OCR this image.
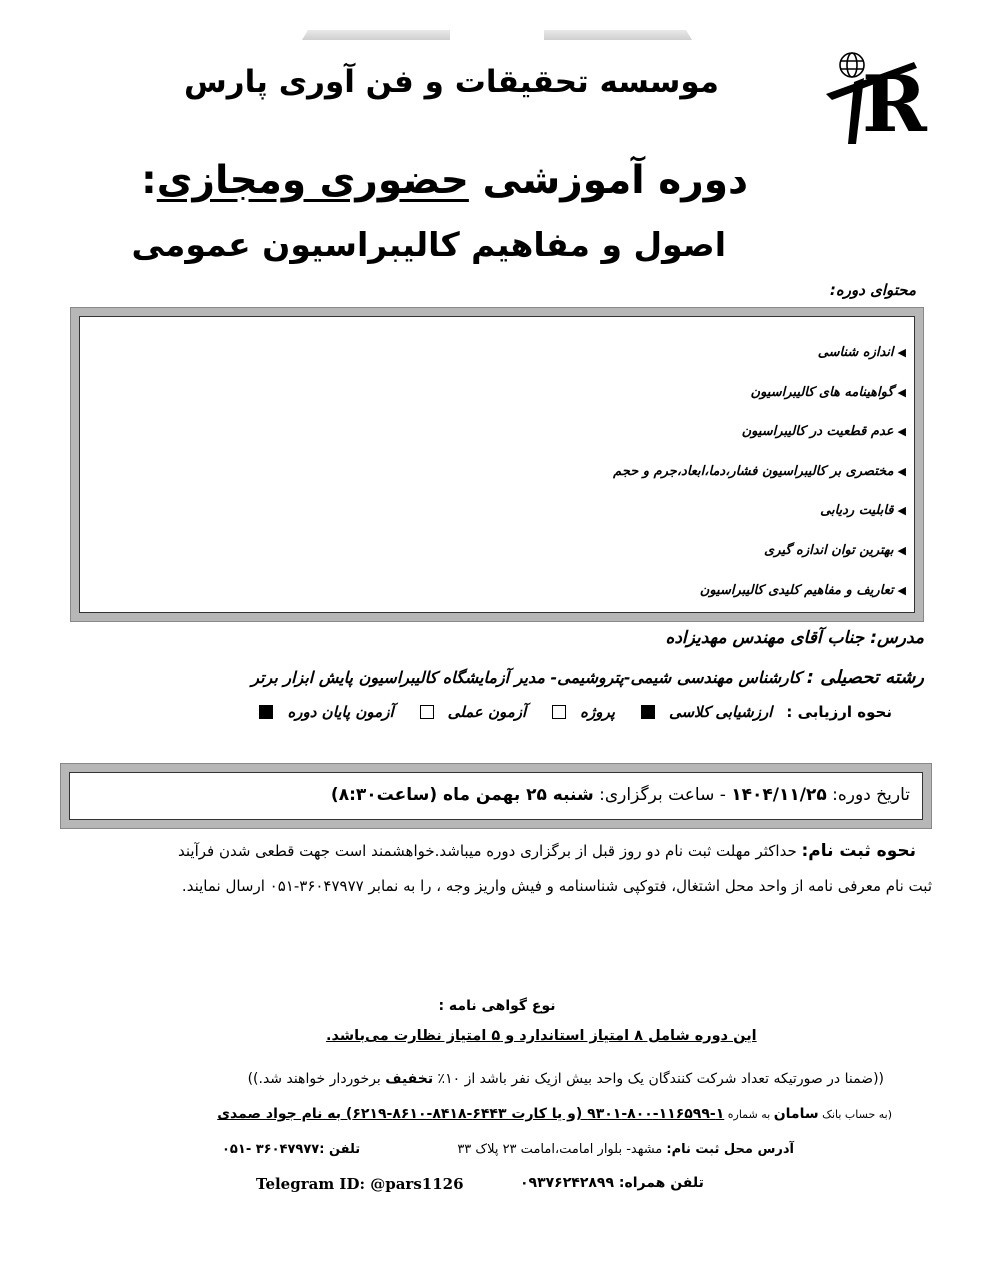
R
موسسه تحقیقات و فن آوری پارس
دوره آموزشی حضوری ومجازی:
اصول و مفاهیم کالیبراسیون عمومی
محتوای دوره:
◀اندازه شناسی
◀گواهینامه های کالیبراسیون
◀عدم قطعیت در کالیبراسیون
◀مختصری بر کالیبراسیون فشار،دما،ابعاد،جرم و حجم
◀قابلیت ردیابی
◀بهترین توان اندازه گیری
◀تعاریف و مفاهیم کلیدی کالیبراسیون
مدرس: جناب آقای مهندس مهدیزاده
رشته تحصیلی : کارشناس مهندسی شیمی-پتروشیمی- مدیر آزمایشگاه کالیبراسیون پایش ابزار برتر
نحوه ارزیابی :
ارزشیابی کلاسی
پروژه
آزمون عملی
آزمون پایان دوره
تاریخ دوره: ۱۴۰۴/۱۱/۲۵ - ساعت برگزاری: شنبه ۲۵ بهمن ماه (ساعت۸:۳۰)
نحوه ثبت نام: حداکثر مهلت ثبت نام دو روز قبل از برگزاری دوره میباشد.خواهشمند است جهت قطعی شدن فرآیند
ثبت نام معرفی نامه از واحد محل اشتغال، فتوکپی شناسنامه و فیش واریز وجه ، را به نمابر ۳۶۰۴۷۹۷۷-۰۵۱ ارسال نمایند.
نوع گواهی نامه :
این دوره شامل ۸ امتیاز استاندارد و ۵ امتیاز نظارت می‌باشد.
((ضمنا در صورتیکه تعداد شرکت کنندگان یک واحد بیش ازیک نفر باشد از ۱۰٪ تخفیف برخوردار خواهند شد.))
(به حساب بانک سامان به شماره ۱-۱۱۶۵۹۹-۸۰۰-۹۳۰۱ (و یا کارت ۶۴۴۳-۸۴۱۸-۸۶۱۰-۶۲۱۹) به نام جواد صمدی
آدرس محل ثبت نام: مشهد- بلوار امامت،امامت ۲۳ پلاک ۳۳
تلفن :۳۶۰۴۷۹۷۷ -۰۵۱
تلفن همراه: ۰۹۳۷۶۲۴۲۸۹۹
Telegram ID: @pars1126
